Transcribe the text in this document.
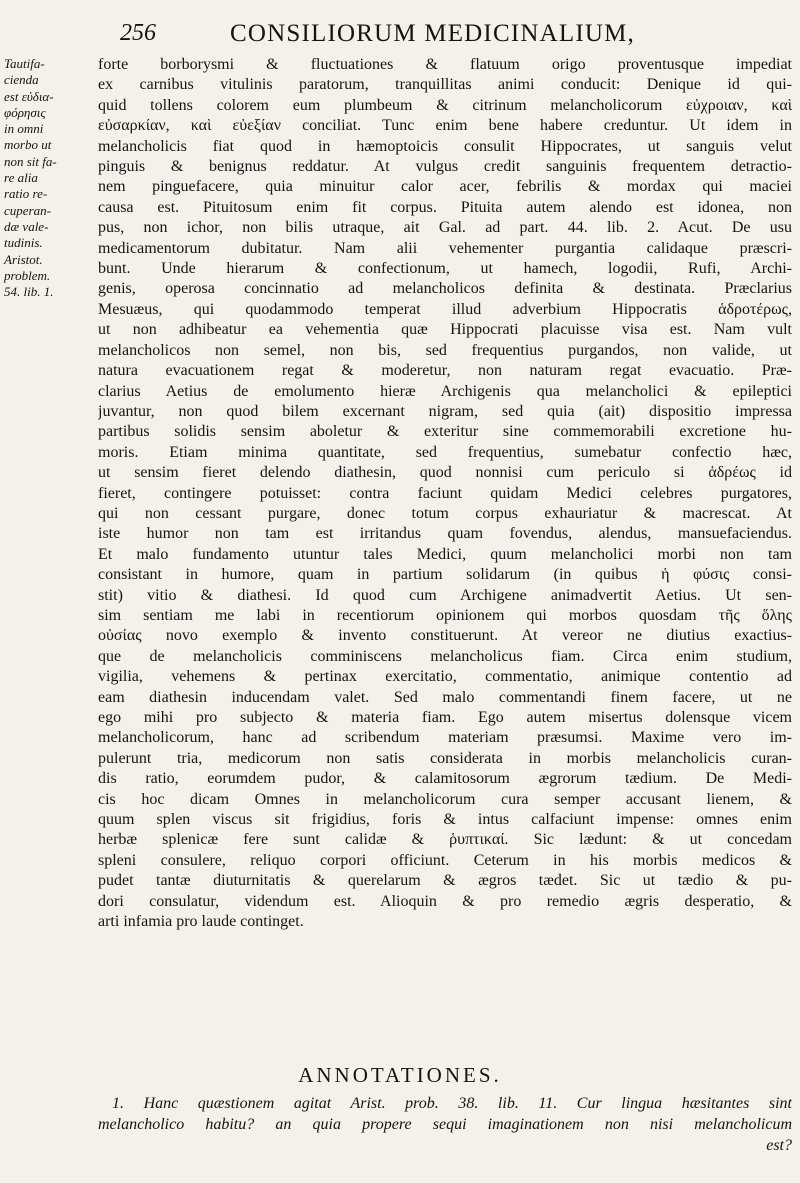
256	CONSILIORUM MEDICINALIUM,
Tautifa-
cienda
est εὐδια-
φόρησις
in omni
morbo ut
non sit fa-
re alia
ratio re-
cuperan-
dæ vale-
tudinis.
Aristot.
problem.
54. lib. 1.
forte borborysmi & fluctuationes & flatuum origo proventusque impediat
ex carnibus vitulinis paratorum, tranquillitas animi conducit: Denique id qui-
quid tollens colorem eum plumbeum & citrinum melancholicorum εὐχροιαν, καὶ
εὐσαρκίαν, καὶ εὐεξίαν conciliat. Tunc enim bene habere creduntur. Ut idem in
melancholicis fiat quod in hæmoptoicis consulit Hippocrates, ut sanguis velut
pinguis & benignus reddatur. At vulgus credit sanguinis frequentem detractio-
nem pinguefacere, quia minuitur calor acer, febrilis & mordax qui maciei
causa est. Pituitosum enim fit corpus. Pituita autem alendo est idonea, non
pus, non ichor, non bilis utraque, ait Gal. ad part. 44. lib. 2. Acut. De usu
medicamentorum dubitatur. Nam alii vehementer purgantia calidaque præscri-
bunt. Unde hierarum & confectionum, ut hamech, logodii, Rufi, Archi-
genis, operosa concinnatio ad melancholicos definita & destinata. Præclarius
Mesuæus, qui quodammodo temperat illud adverbium Hippocratis ἁδροτέρως,
ut non adhibeatur ea vehementia quæ Hippocrati placuisse visa est. Nam vult
melancholicos non semel, non bis, sed frequentius purgandos, non valide, ut
natura evacuationem regat & moderetur, non naturam regat evacuatio. Præ-
clarius Aetius de emolumento hieræ Archigenis qua melancholici & epileptici
juvantur, non quod bilem excernant nigram, sed quia (ait) dispositio impressa
partibus solidis sensim aboletur & exteritur sine commemorabili excretione hu-
moris. Etiam minima quantitate, sed frequentius, sumebatur confectio hæc,
ut sensim fieret delendo diathesin, quod nonnisi cum periculo si ἁδρέως id
fieret, contingere potuisset: contra faciunt quidam Medici celebres purgatores,
qui non cessant purgare, donec totum corpus exhauriatur & macrescat. At
iste humor non tam est irritandus quam fovendus, alendus, mansuefaciendus.
Et malo fundamento utuntur tales Medici, quum melancholici morbi non tam
consistant in humore, quam in partium solidarum (in quibus ἡ φύσις consi-
stit) vitio & diathesi. Id quod cum Archigene animadvertit Aetius. Ut sen-
sim sentiam me labi in recentiorum opinionem qui morbos quosdam τῆς ὅλης
οὐσίας novo exemplo & invento constituerunt. At vereor ne diutius exactius-
que de melancholicis comminiscens melancholicus fiam. Circa enim studium,
vigilia, vehemens & pertinax exercitatio, commentatio, animique contentio ad
eam diathesin inducendam valet. Sed malo commentandi finem facere, ut ne
ego mihi pro subjecto & materia fiam. Ego autem misertus dolensque vicem
melancholicorum, hanc ad scribendum materiam præsumsi. Maxime vero im-
pulerunt tria, medicorum non satis considerata in morbis melancholicis curan-
dis ratio, eorumdem pudor, & calamitosorum ægrorum tædium. De Medi-
cis hoc dicam Omnes in melancholicorum cura semper accusant lienem, &
quum splen viscus sit frigidius, foris & intus calfaciunt impense: omnes enim
herbæ splenicæ fere sunt calidæ & ῥυπτικαί. Sic lædunt: & ut concedam
spleni consulere, reliquo corpori officiunt. Ceterum in his morbis medicos &
pudet tantæ diuturnitatis & querelarum & ægros tædet. Sic ut tædio & pu-
dori consulatur, videndum est. Alioquin & pro remedio ægris desperatio, &
arti infamia pro laude continget.
ANNOTATIONES.
1. Hanc quæstionem agitat Arist. prob. 38. lib. 11. Cur lingua hæsitantes sint
melancholico habitu? an quia propere sequi imaginationem non nisi melancholicum
est?
